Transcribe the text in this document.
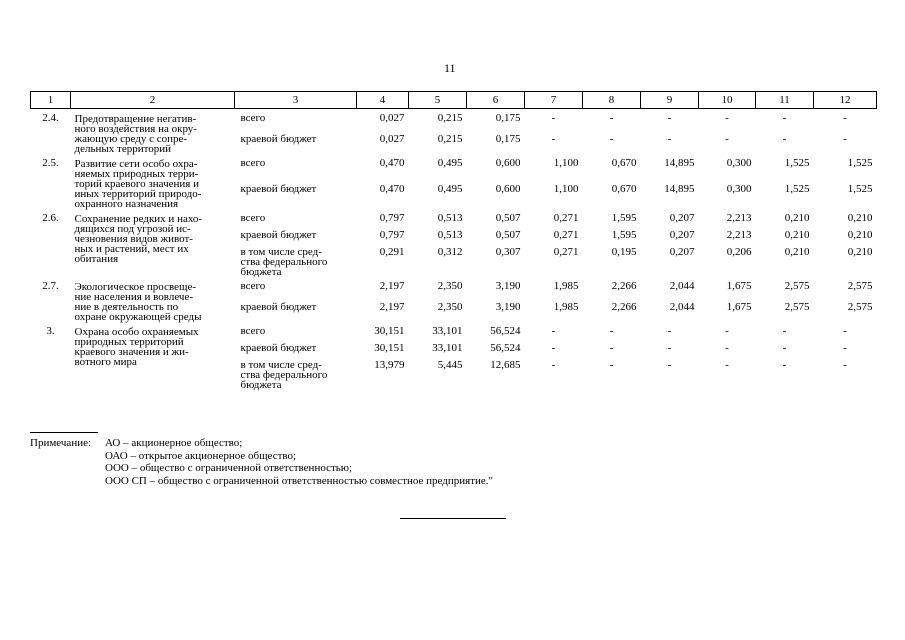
11
1	2	3	4	5	6	7	8	9	10	11	12

2.4.	Предотвращение негатив-
ного воздействия на окру-
жающую среду с сопре-
дельных территорий	всего	0,027	0,215	0,175	-	-	-	-	-	-
		краевой бюджет	0,027	0,215	0,175	-	-	-	-	-	-

2.5.	Развитие сети особо охра-
няемых природных терри-
торий краевого значения и
иных территорий природо-
охранного назначения	всего	0,470	0,495	0,600	1,100	0,670	14,895	0,300	1,525	1,525
		краевой бюджет	0,470	0,495	0,600	1,100	0,670	14,895	0,300	1,525	1,525

2.6.	Сохранение редких и нахо-
дящихся под угрозой ис-
чезновения видов живот-
ных и растений, мест их
обитания	всего	0,797	0,513	0,507	0,271	1,595	0,207	2,213	0,210	0,210
		краевой бюджет	0,797	0,513	0,507	0,271	1,595	0,207	2,213	0,210	0,210
		в том числе сред-
ства федерального
бюджета	0,291	0,312	0,307	0,271	0,195	0,207	0,206	0,210	0,210

2.7.	Экологическое просвеще-
ние населения и вовлече-
ние в деятельность по
охране окружающей среды	всего	2,197	2,350	3,190	1,985	2,266	2,044	1,675	2,575	2,575
		краевой бюджет	2,197	2,350	3,190	1,985	2,266	2,044	1,675	2,575	2,575

3.	Охрана особо охраняемых
природных территорий
краевого значения и жи-
вотного мира	всего	30,151	33,101	56,524	-	-	-	-	-	-
		краевой бюджет	30,151	33,101	56,524	-	-	-	-	-	-
		в том числе сред-
ства федерального
бюджета	13,979	5,445	12,685	-	-	-	-	-	-
Примечание: АО – акционерное общество;
ОАО – открытое акционерное общество;
ООО – общество с ограниченной ответственностью;
ООО СП – общество с ограниченной ответственностью совместное предприятие."
